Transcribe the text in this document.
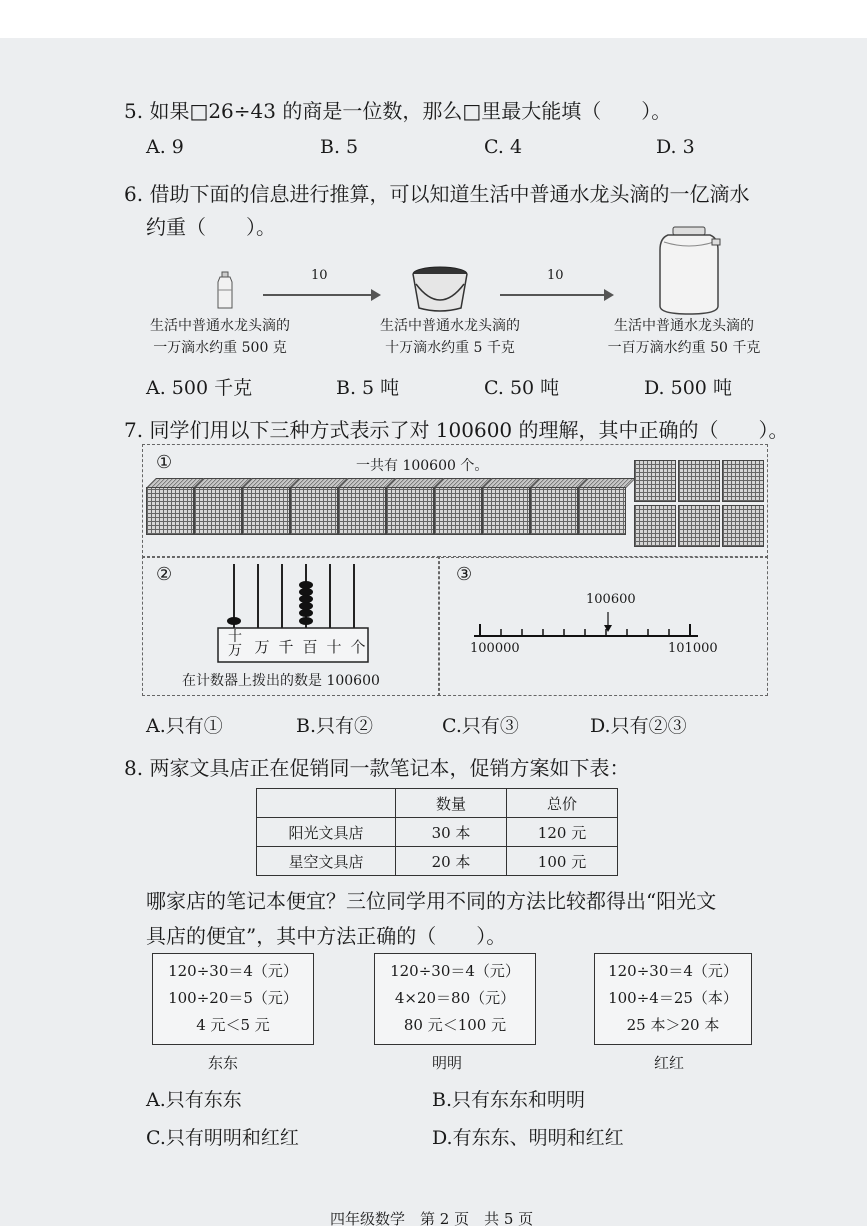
5. 如果□26÷43 的商是一位数，那么□里最大能填（　　）。
A. 9	B. 5	C. 4	D. 3
6. 借助下面的信息进行推算，可以知道生活中普通水龙头滴的一亿滴水
约重（　　）。
10	10
生活中普通水龙头滴的
一万滴水约重 500 克
生活中普通水龙头滴的
十万滴水约重 5 千克
生活中普通水龙头滴的
一百万滴水约重 50 千克
A. 500 千克	B. 5 吨	C. 50 吨	D. 500 吨
7. 同学们用以下三种方式表示了对 100600 的理解，其中正确的（　　）。
①	一共有 100600 个。
②
十万 万 千 百 十 个
在计数器上拨出的数是 100600
③
100600
100000	101000
A.只有①	B.只有②	C.只有③	D.只有②③
8. 两家文具店正在促销同一款笔记本，促销方案如下表：
	数量	总价
阳光文具店	30 本	120 元
星空文具店	20 本	100 元
哪家店的笔记本便宜？三位同学用不同的方法比较都得出“阳光文
具店的便宜”，其中方法正确的（　　）。
120÷30＝4（元）
100÷20＝5（元）
4 元＜5 元
120÷30＝4（元）
4×20＝80（元）
80 元＜100 元
120÷30＝4（元）
100÷4＝25（本）
25 本＞20 本
东东	明明	红红
A.只有东东	B.只有东东和明明
C.只有明明和红红	D.有东东、明明和红红
四年级数学　第 2 页　共 5 页
